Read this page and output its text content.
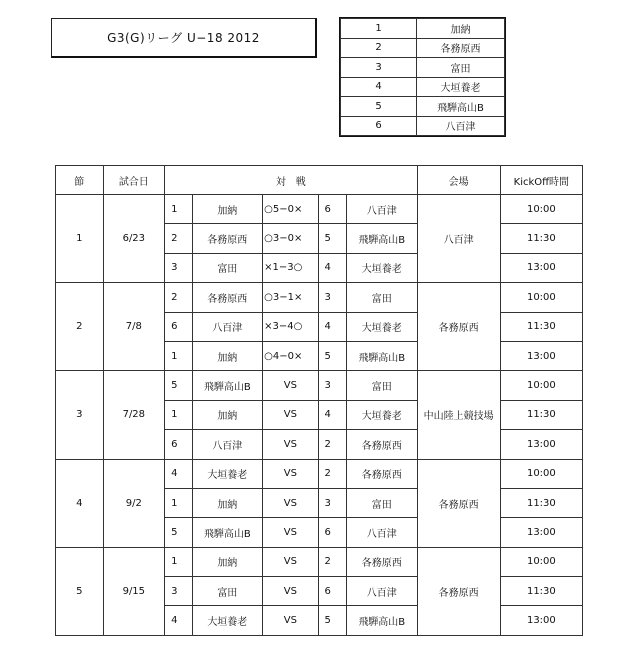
G3(G)リーグ U−18 2012
1	加納
2	各務原西
3	富田
4	大垣養老
5	飛騨高山B
6	八百津
節	試合日	対　戦					会場	KickOff時間
1	6/23	1	加納	○5−0×	6	八百津	八百津	10:00
		2	各務原西	○3−0×	5	飛騨高山B		11:30
		3	富田	×1−3○	4	大垣養老		13:00
2	7/8	2	各務原西	○3−1×	3	富田	各務原西	10:00
		6	八百津	×3−4○	4	大垣養老		11:30
		1	加納	○4−0×	5	飛騨高山B		13:00
3	7/28	5	飛騨高山B	VS	3	富田	中山陸上競技場	10:00
		1	加納	VS	4	大垣養老		11:30
		6	八百津	VS	2	各務原西		13:00
4	9/2	4	大垣養老	VS	2	各務原西	各務原西	10:00
		1	加納	VS	3	富田		11:30
		5	飛騨高山B	VS	6	八百津		13:00
5	9/15	1	加納	VS	2	各務原西	各務原西	10:00
		3	富田	VS	6	八百津		11:30
		4	大垣養老	VS	5	飛騨高山B		13:00
